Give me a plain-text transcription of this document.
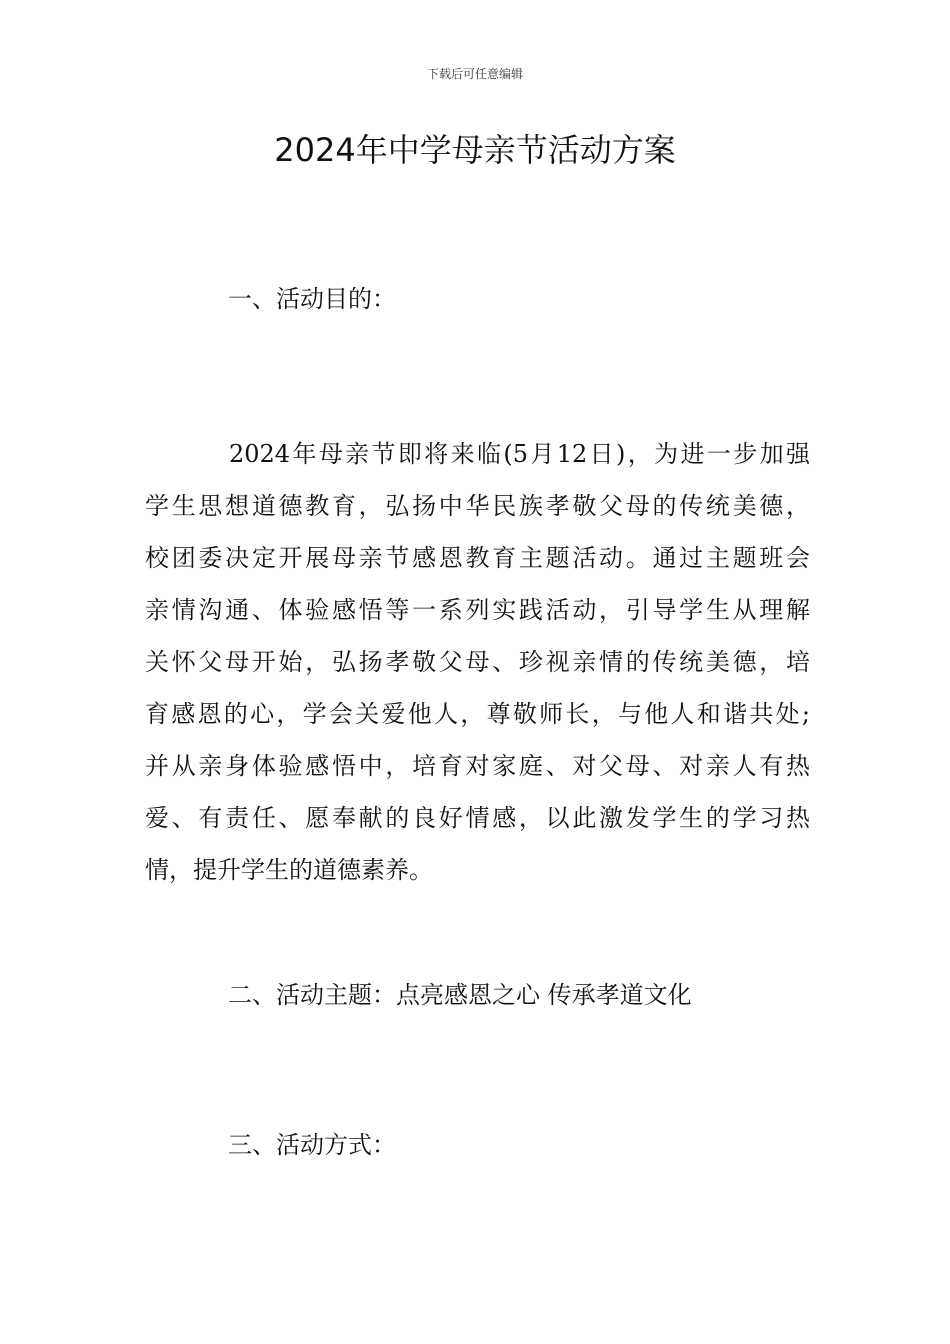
下载后可任意编辑
2024年中学母亲节活动方案
一、活动目的：
2024年母亲节即将来临(5月12日)，为进一步加强
学生思想道德教育，弘扬中华民族孝敬父母的传统美德，
校团委决定开展母亲节感恩教育主题活动。通过主题班会
亲情沟通、体验感悟等一系列实践活动，引导学生从理解
关怀父母开始，弘扬孝敬父母、珍视亲情的传统美德，培
育感恩的心，学会关爱他人，尊敬师长，与他人和谐共处;
并从亲身体验感悟中，培育对家庭、对父母、对亲人有热
爱、有责任、愿奉献的良好情感，以此激发学生的学习热
情，提升学生的道德素养。
二、活动主题：点亮感恩之心 传承孝道文化
三、活动方式：
